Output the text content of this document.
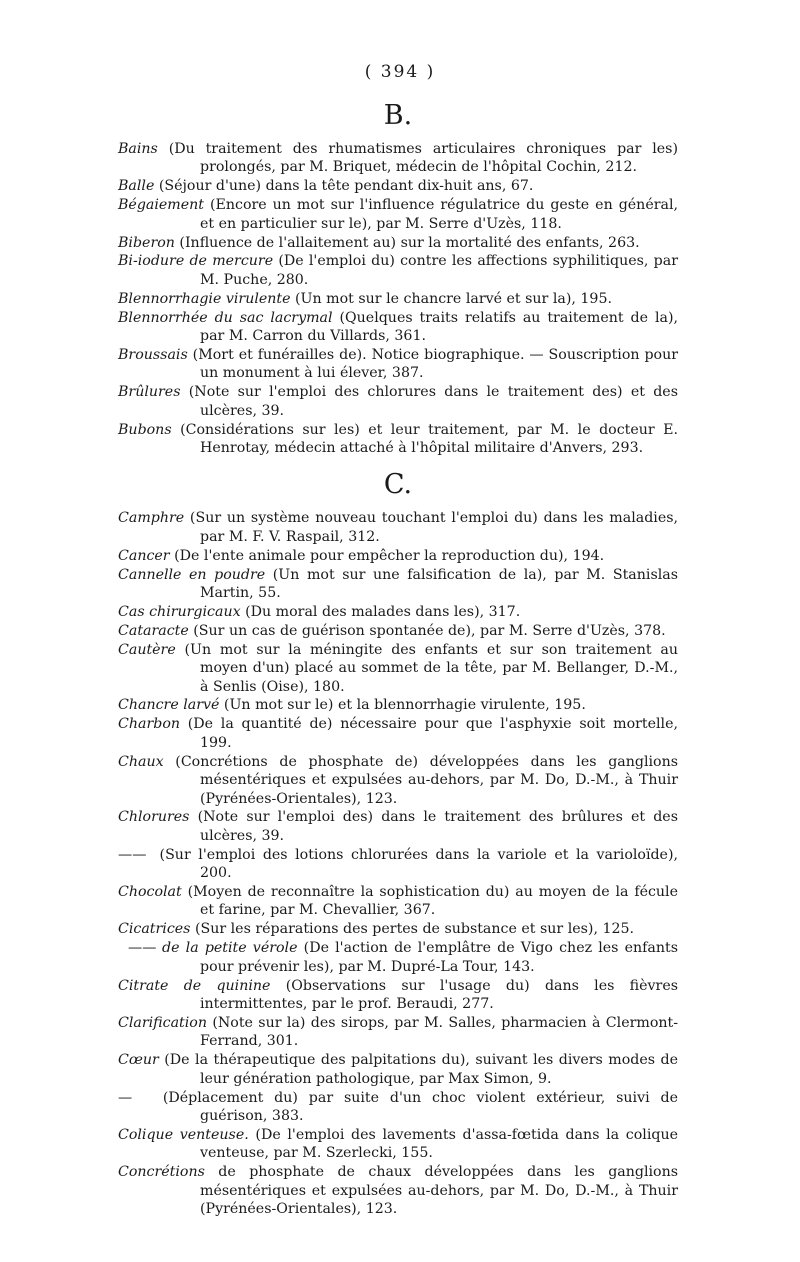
( 394 )
B.

Bains (Du traitement des rhumatismes articulaires chroniques par les) prolongés, par M. Briquet, médecin de l'hôpital Cochin, 212.

Balle (Séjour d'une) dans la tête pendant dix-huit ans, 67.

Bégaiement (Encore un mot sur l'influence régulatrice du geste en général, et en particulier sur le), par M. Serre d'Uzès, 118.

Biberon (Influence de l'allaitement au) sur la mortalité des enfants, 263.

Bi-iodure de mercure (De l'emploi du) contre les affections syphilitiques, par M. Puche, 280.

Blennorrhagie virulente (Un mot sur le chancre larvé et sur la), 195.

Blennorrhée du sac lacrymal (Quelques traits relatifs au traitement de la), par M. Carron du Villards, 361.

Broussais (Mort et funérailles de). Notice biographique. — Souscription pour un monument à lui élever, 387.

Brûlures (Note sur l'emploi des chlorures dans le traitement des) et des ulcères, 39.

Bubons (Considérations sur les) et leur traitement, par M. le docteur E. Henrotay, médecin attaché à l'hôpital militaire d'Anvers, 293.

C.

Camphre (Sur un système nouveau touchant l'emploi du) dans les maladies, par M. F. V. Raspail, 312.

Cancer (De l'ente animale pour empêcher la reproduction du), 194.

Cannelle en poudre (Un mot sur une falsification de la), par M. Stanislas Martin, 55.

Cas chirurgicaux (Du moral des malades dans les), 317.

Cataracte (Sur un cas de guérison spontanée de), par M. Serre d'Uzès, 378.

Cautère (Un mot sur la méningite des enfants et sur son traitement au moyen d'un) placé au sommet de la tête, par M. Bellanger, D.-M., à Senlis (Oise), 180.

Chancre larvé (Un mot sur le) et la blennorrhagie virulente, 195.

Charbon (De la quantité de) nécessaire pour que l'asphyxie soit mortelle, 199.

Chaux (Concrétions de phosphate de) développées dans les ganglions mésentériques et expulsées au-dehors, par M. Do, D.-M., à Thuir (Pyrénées-Orientales), 123.

Chlorures (Note sur l'emploi des) dans le traitement des brûlures et des ulcères, 39.

—— (Sur l'emploi des lotions chlorurées dans la variole et la varioloïde), 200.

Chocolat (Moyen de reconnaître la sophistication du) au moyen de la fécule et farine, par M. Chevallier, 367.

Cicatrices (Sur les réparations des pertes de substance et sur les), 125.

—— de la petite vérole (De l'action de l'emplâtre de Vigo chez les enfants pour prévenir les), par M. Dupré-La Tour, 143.

Citrate de quinine (Observations sur l'usage du) dans les fièvres intermittentes, par le prof. Beraudi, 277.

Clarification (Note sur la) des sirops, par M. Salles, pharmacien à Clermont-Ferrand, 301.

Cœur (De la thérapeutique des palpitations du), suivant les divers modes de leur génération pathologique, par Max Simon, 9.

— (Déplacement du) par suite d'un choc violent extérieur, suivi de guérison, 383.

Colique venteuse. (De l'emploi des lavements d'assa-fœtida dans la colique venteuse, par M. Szerlecki, 155.

Concrétions de phosphate de chaux développées dans les ganglions mésentériques et expulsées au-dehors, par M. Do, D.-M., à Thuir (Pyrénées-Orientales), 123.
